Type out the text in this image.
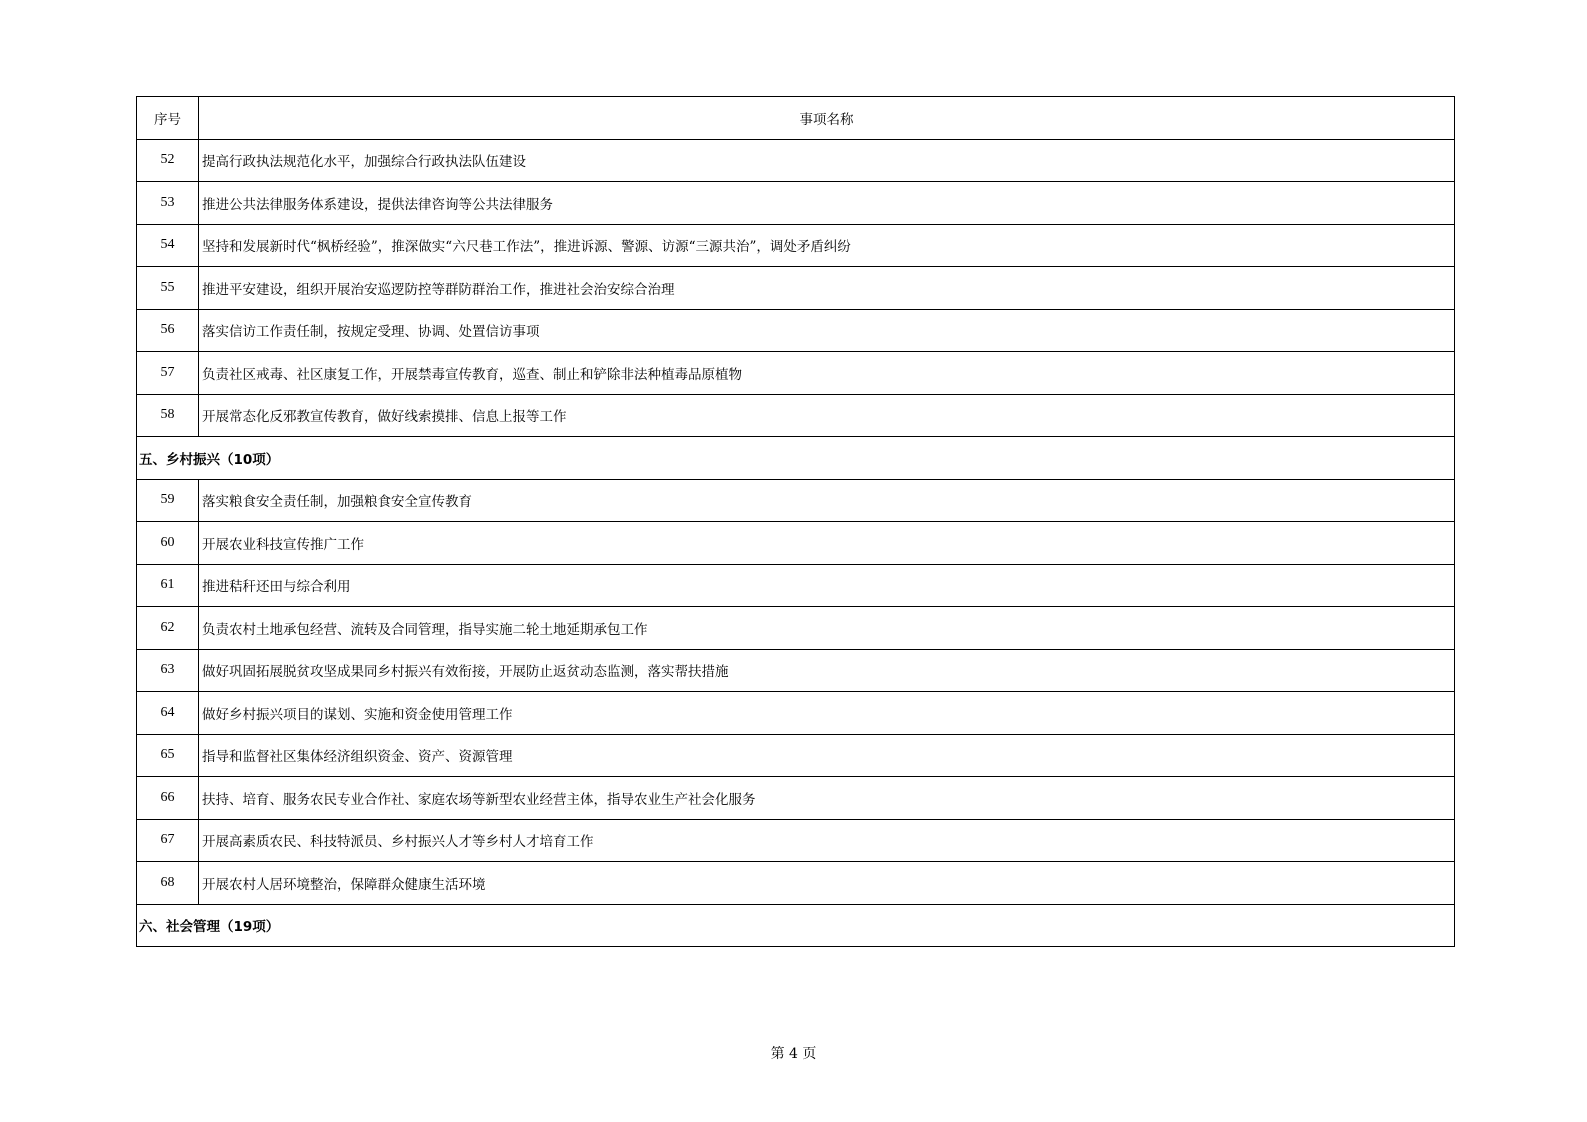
序号	事项名称
52	提高行政执法规范化水平，加强综合行政执法队伍建设
53	推进公共法律服务体系建设，提供法律咨询等公共法律服务
54	坚持和发展新时代“枫桥经验”，推深做实“六尺巷工作法”，推进诉源、警源、访源“三源共治”，调处矛盾纠纷
55	推进平安建设，组织开展治安巡逻防控等群防群治工作，推进社会治安综合治理
56	落实信访工作责任制，按规定受理、协调、处置信访事项
57	负责社区戒毒、社区康复工作，开展禁毒宣传教育，巡查、制止和铲除非法种植毒品原植物
58	开展常态化反邪教宣传教育，做好线索摸排、信息上报等工作
五、乡村振兴（10项）	
59	落实粮食安全责任制，加强粮食安全宣传教育
60	开展农业科技宣传推广工作
61	推进秸秆还田与综合利用
62	负责农村土地承包经营、流转及合同管理，指导实施二轮土地延期承包工作
63	做好巩固拓展脱贫攻坚成果同乡村振兴有效衔接，开展防止返贫动态监测，落实帮扶措施
64	做好乡村振兴项目的谋划、实施和资金使用管理工作
65	指导和监督社区集体经济组织资金、资产、资源管理
66	扶持、培育、服务农民专业合作社、家庭农场等新型农业经营主体，指导农业生产社会化服务
67	开展高素质农民、科技特派员、乡村振兴人才等乡村人才培育工作
68	开展农村人居环境整治，保障群众健康生活环境
六、社会管理（19项）	
第 4 页
